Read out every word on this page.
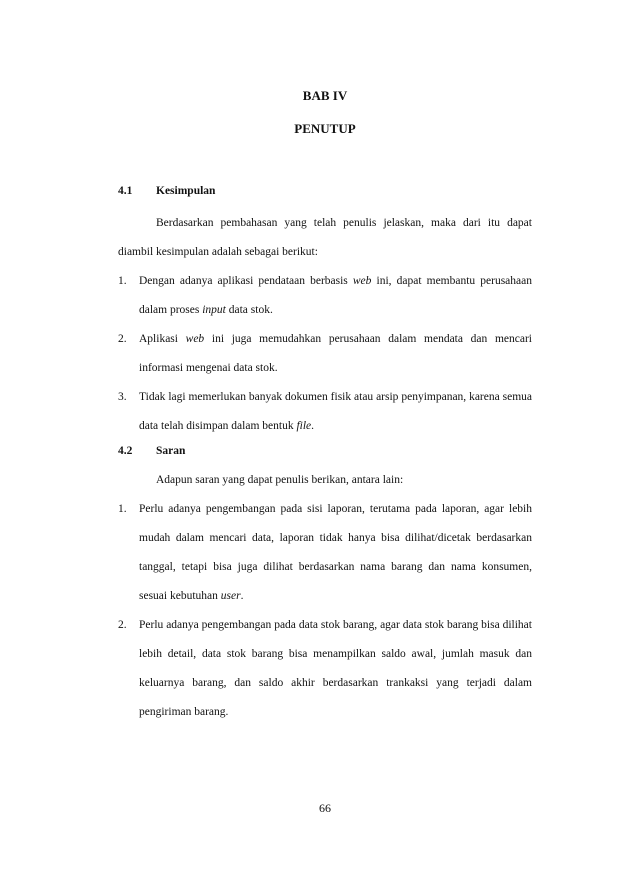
BAB IV
PENUTUP
4.1 Kesimpulan
Berdasarkan pembahasan yang telah penulis jelaskan, maka dari itu dapat diambil kesimpulan adalah sebagai berikut:
1. Dengan adanya aplikasi pendataan berbasis web ini, dapat membantu perusahaan dalam proses input data stok.
2. Aplikasi web ini juga memudahkan perusahaan dalam mendata dan mencari informasi mengenai data stok.
3. Tidak lagi memerlukan banyak dokumen fisik atau arsip penyimpanan, karena semua data telah disimpan dalam bentuk file.
4.2 Saran
Adapun saran yang dapat penulis berikan, antara lain:
1. Perlu adanya pengembangan pada sisi laporan, terutama pada laporan, agar lebih mudah dalam mencari data, laporan tidak hanya bisa dilihat/dicetak berdasarkan tanggal, tetapi bisa juga dilihat berdasarkan nama barang dan nama konsumen, sesuai kebutuhan user.
2. Perlu adanya pengembangan pada data stok barang, agar data stok barang bisa dilihat lebih detail, data stok barang bisa menampilkan saldo awal, jumlah masuk dan keluarnya barang, dan saldo akhir berdasarkan trankaksi yang terjadi dalam pengiriman barang.
66
